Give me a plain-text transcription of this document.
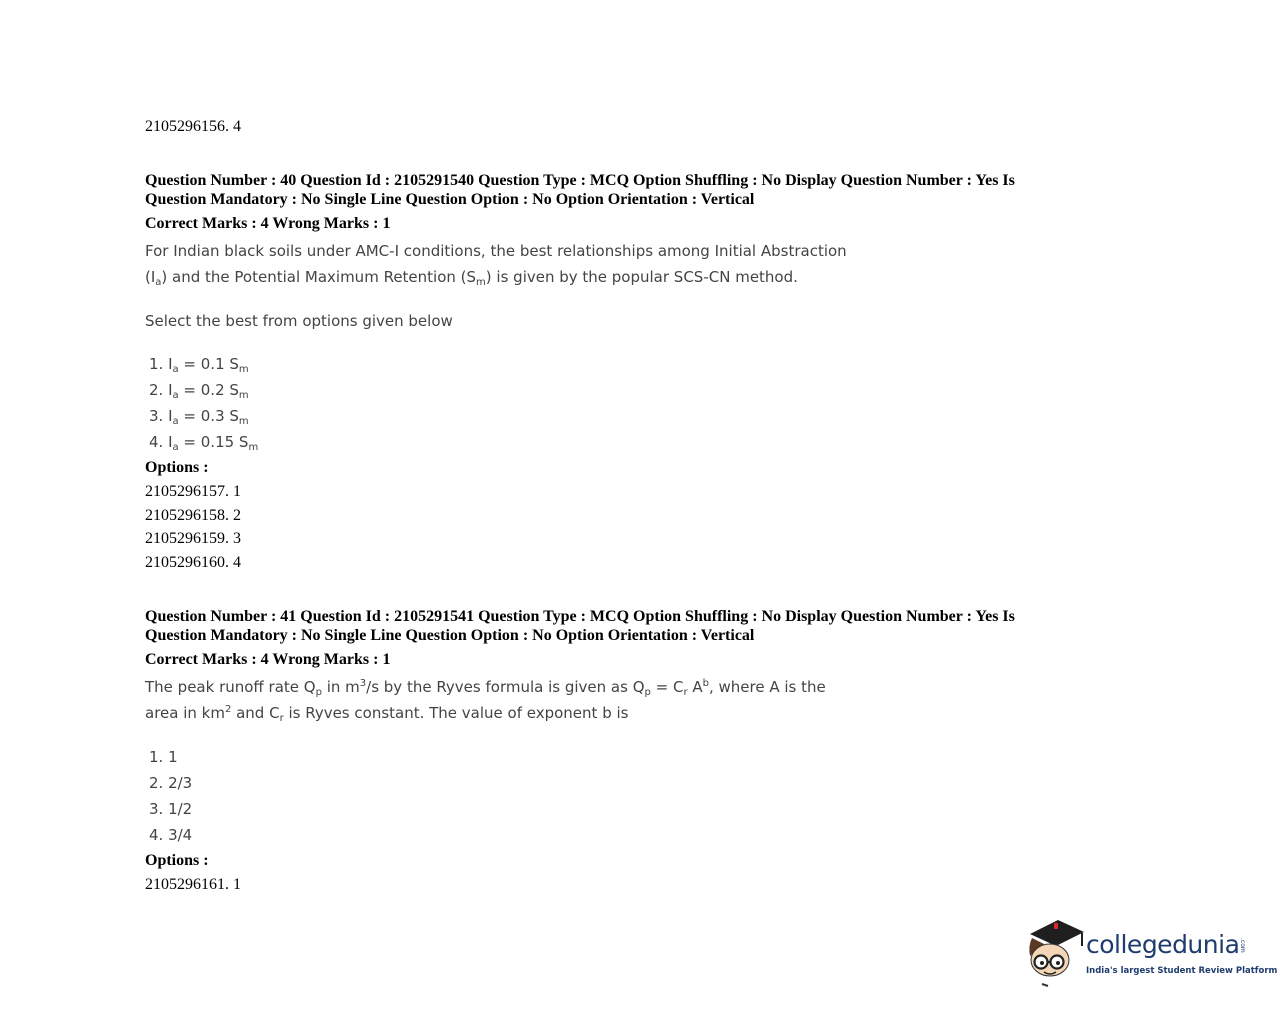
2105296156. 4
Question Number : 40 Question Id : 2105291540 Question Type : MCQ Option Shuffling : No Display Question Number : Yes Is
Question Mandatory : No Single Line Question Option : No Option Orientation : Vertical
Correct Marks : 4 Wrong Marks : 1
For Indian black soils under AMC-I conditions, the best relationships among Initial Abstraction
$(I_a)$ and the Potential Maximum Retention $(S_m)$ is given by the popular SCS-CN method.
Select the best from options given below
1. $I_a = 0.1$ $S_m$
2. $I_a = 0.2$ $S_m$
3. $I_a = 0.3$ $S_m$
4. $I_a = 0.15$ $S_m$
Options :
2105296157. 1
2105296158. 2
2105296159. 3
2105296160. 4
Question Number : 41 Question Id : 2105291541 Question Type : MCQ Option Shuffling : No Display Question Number : Yes Is
Question Mandatory : No Single Line Question Option : No Option Orientation : Vertical
Correct Marks : 4 Wrong Marks : 1
The peak runoff rate $Q_p$ in $m^3/s$ by the Ryves formula is given as $Q_p = C_r$ $A^b$, where A is the
area in $km^2$ and $C_r$ is Ryves constant. The value of exponent b is
1. 1
2. 2/3
3. 1/2
4. 3/4
Options :
2105296161. 1
collegedunia .com
India's largest Student Review Platform
